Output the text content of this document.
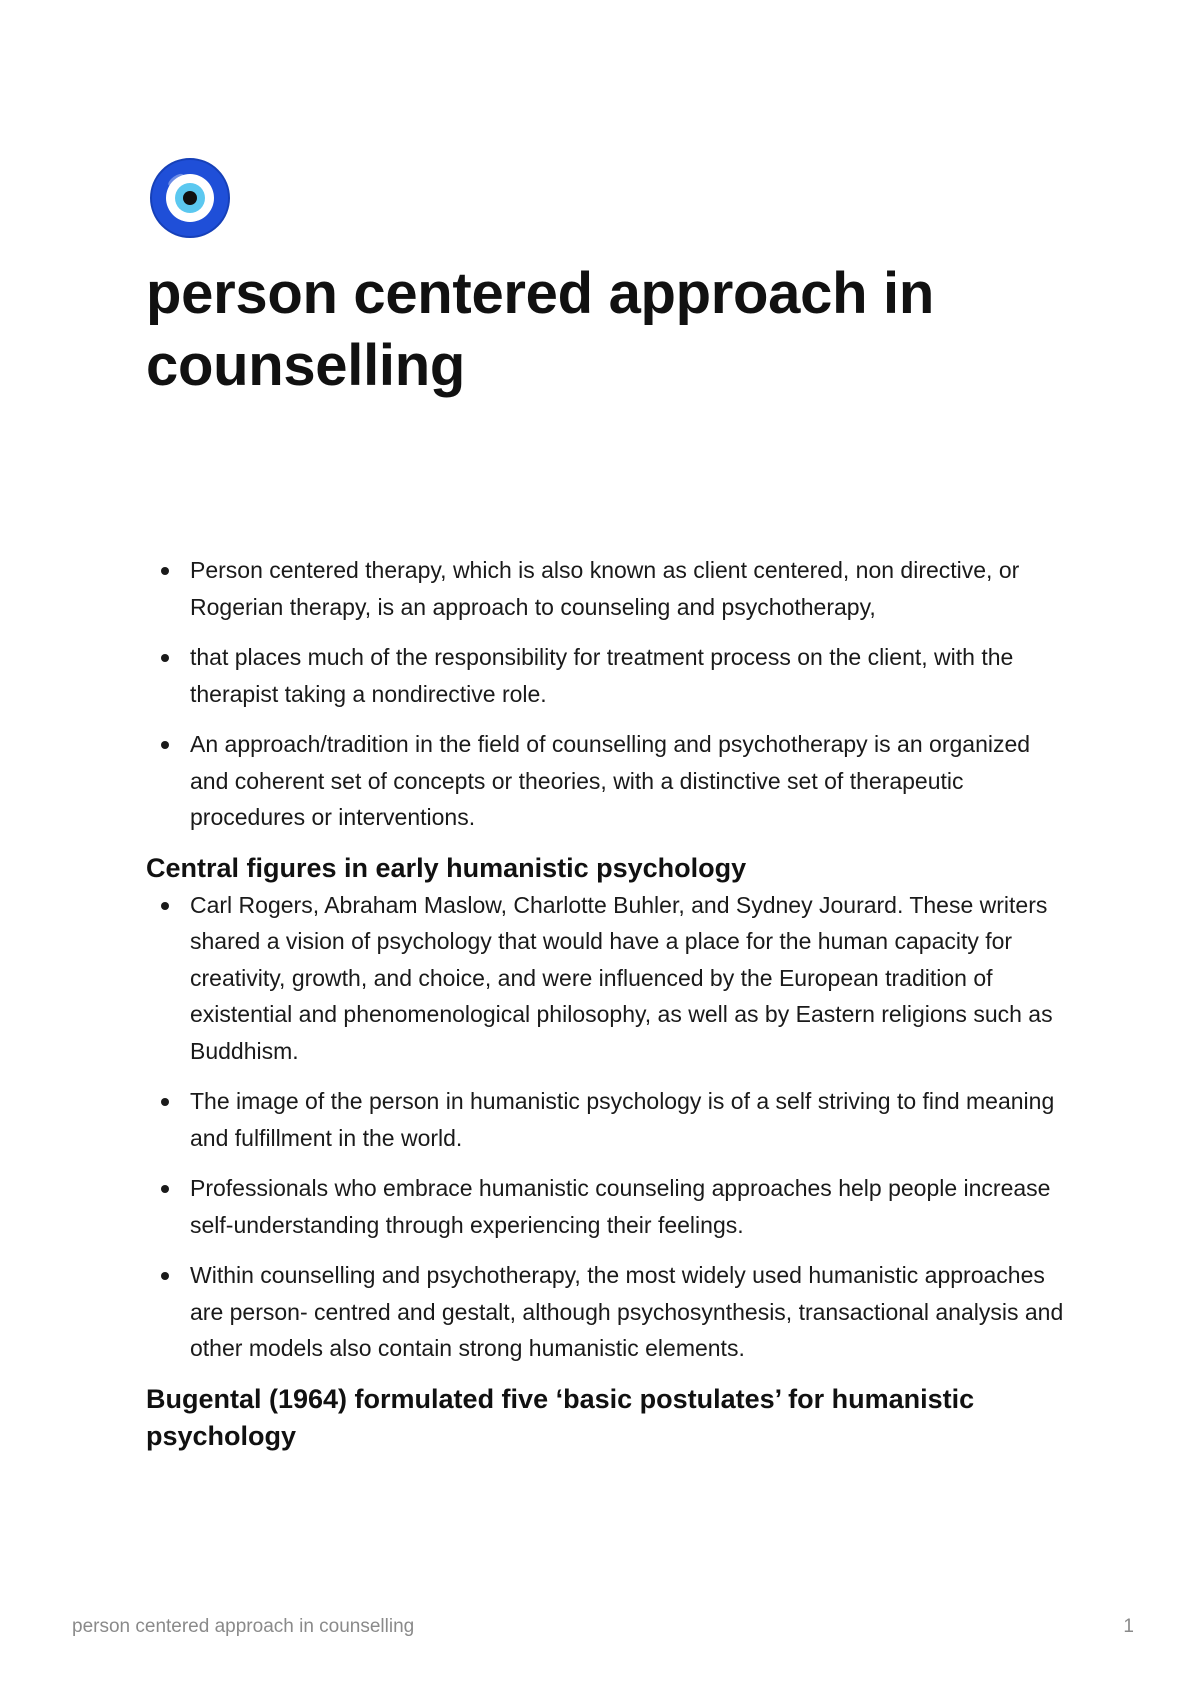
person centered approach in counselling
Person centered therapy, which is also known as client centered, non directive, or Rogerian therapy, is an approach to counseling and psychotherapy,
that places much of the responsibility for treatment process on the client, with the therapist taking a nondirective role.
An approach/tradition in the field of counselling and psychotherapy is an organized and coherent set of concepts or theories, with a distinctive set of therapeutic procedures or interventions.
Central figures in early humanistic psychology
Carl Rogers, Abraham Maslow, Charlotte Buhler, and Sydney Jourard. These writers shared a vision of psychology that would have a place for the human capacity for creativity, growth, and choice, and were influenced by the European tradition of existential and phenomenological philosophy, as well as by Eastern religions such as Buddhism.
The image of the person in humanistic psychology is of a self striving to find meaning and fulfillment in the world.
Professionals who embrace humanistic counseling approaches help people increase self-understanding through experiencing their feelings.
Within counselling and psychotherapy, the most widely used humanistic approaches are person- centred and gestalt, although psychosynthesis, transactional analysis and other models also contain strong humanistic elements.
Bugental (1964) formulated five ‘basic postulates’ for humanistic psychology
person centered approach in counselling	1
